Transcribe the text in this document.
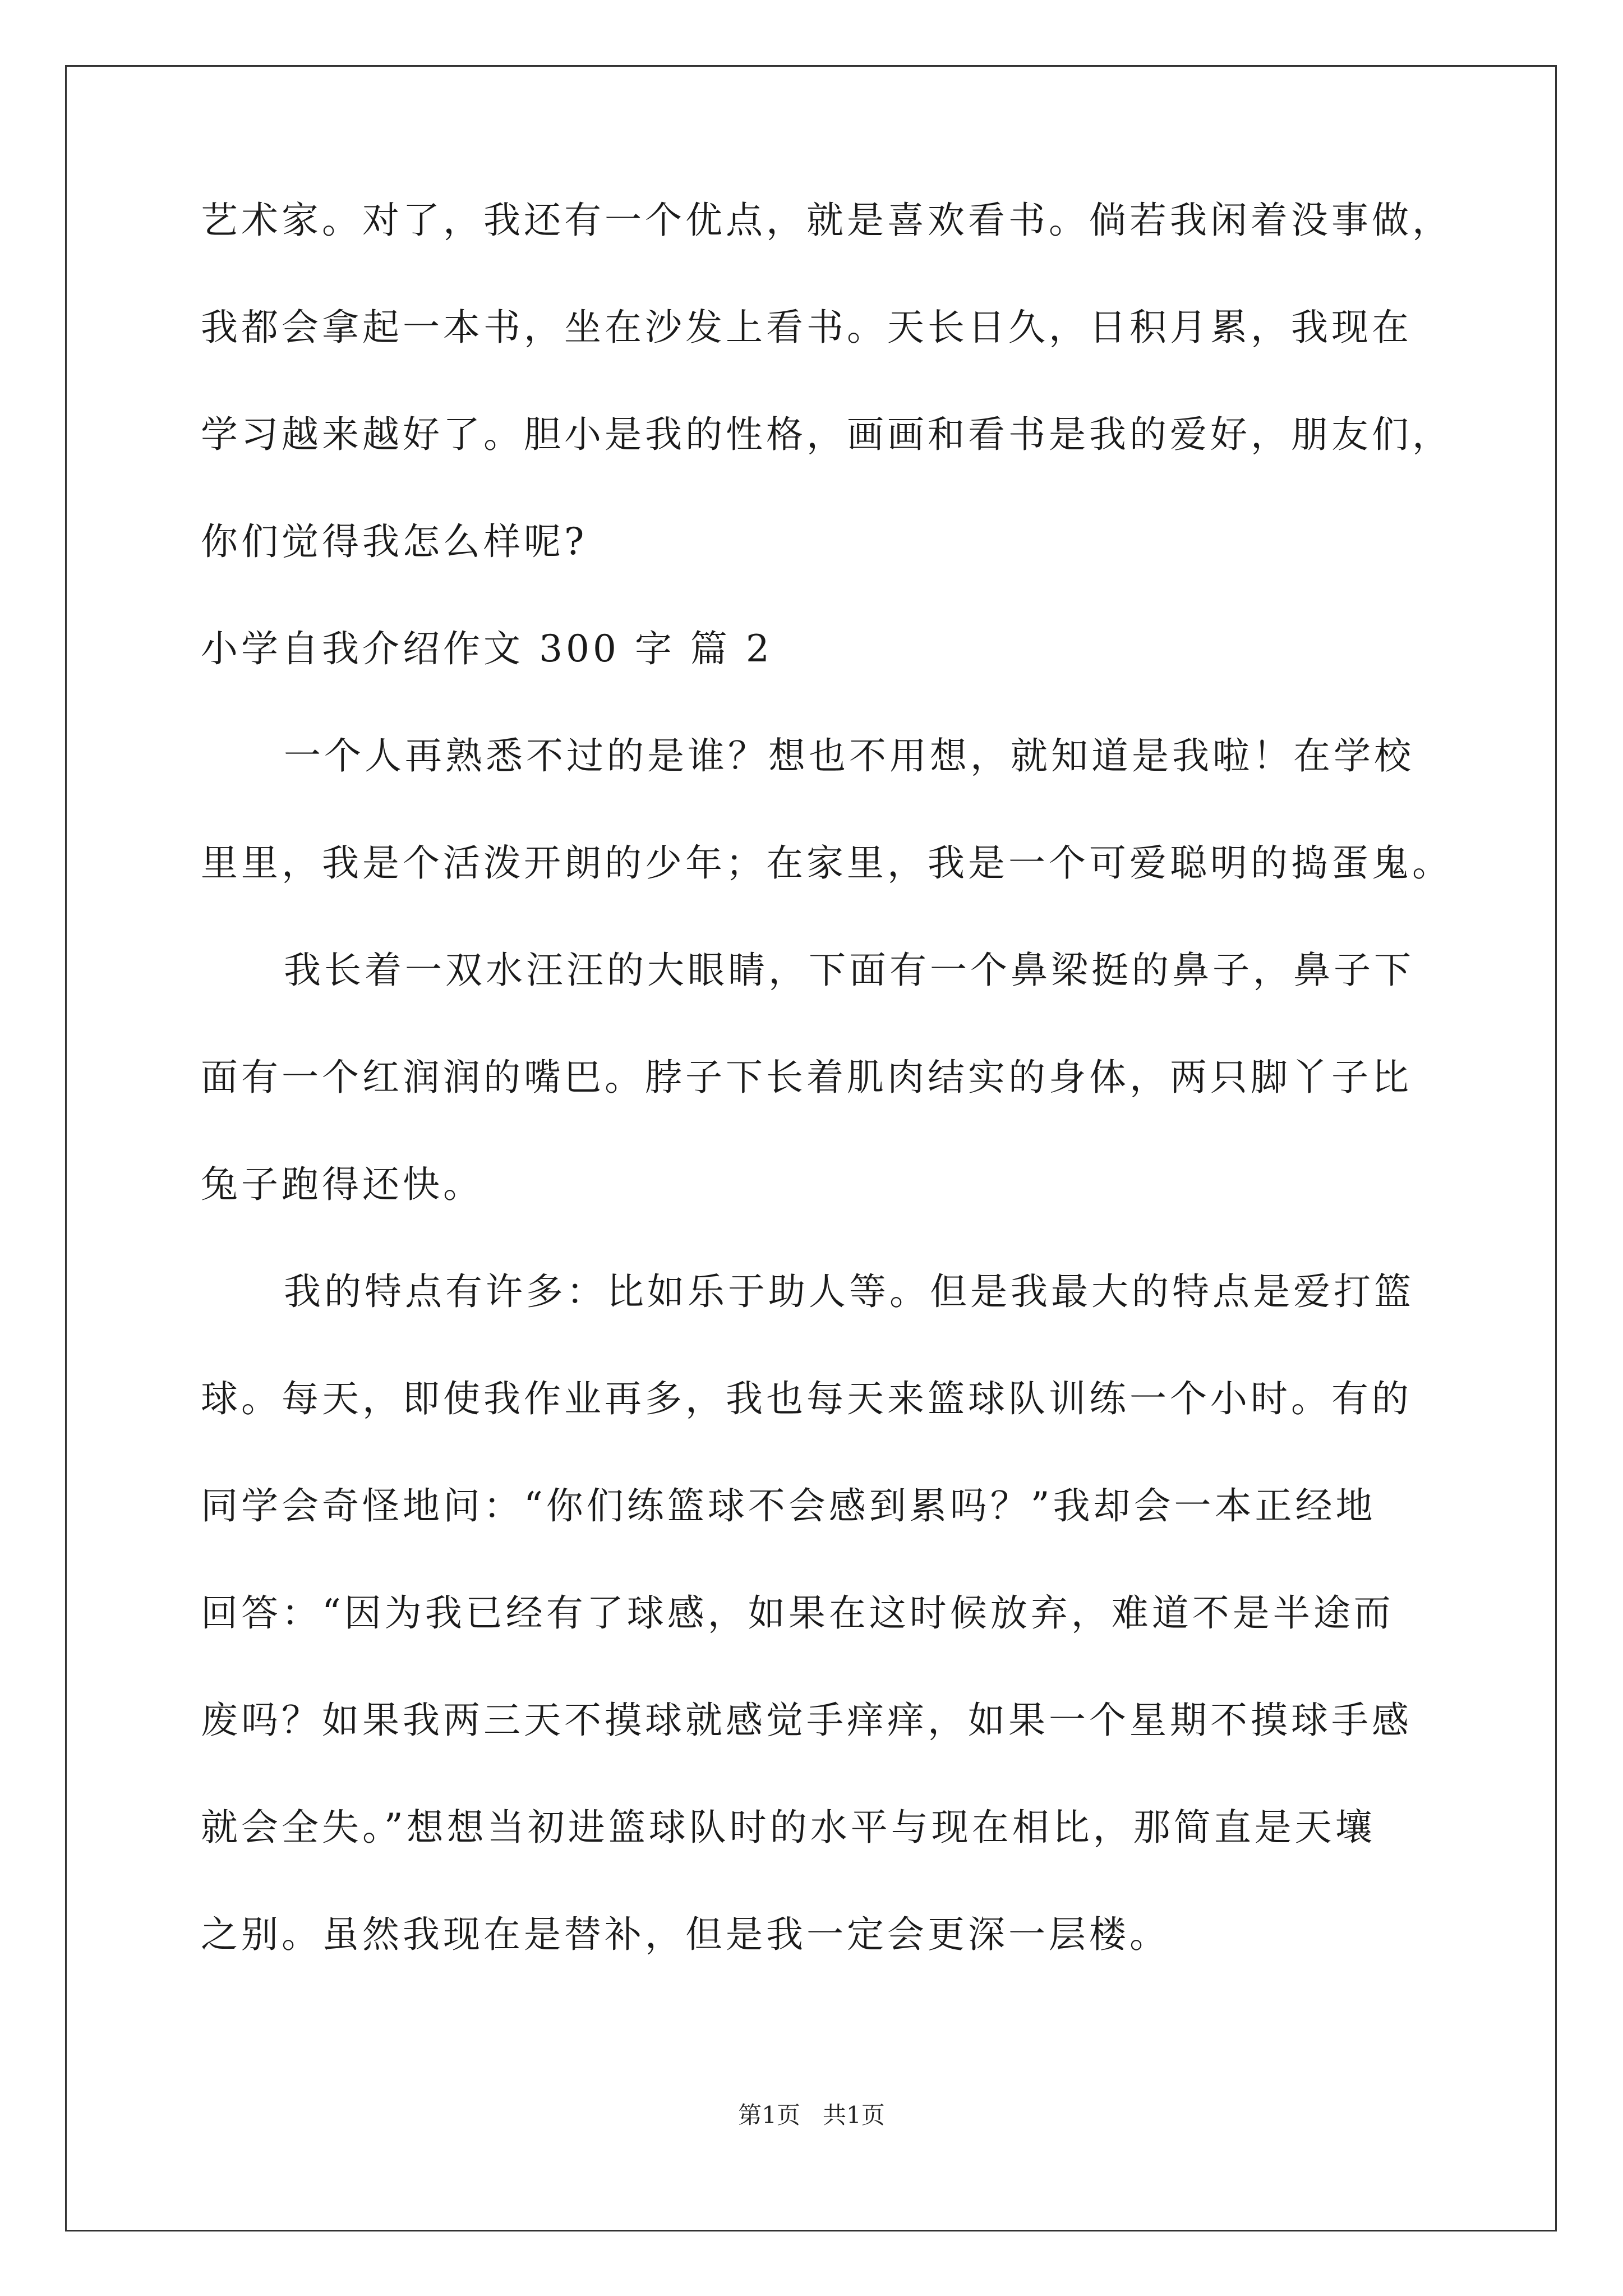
艺术家。对了，我还有一个优点，就是喜欢看书。倘若我闲着没事做，
我都会拿起一本书，坐在沙发上看书。天长日久，日积月累，我现在
学习越来越好了。胆小是我的性格，画画和看书是我的爱好，朋友们，
你们觉得我怎么样呢?
小学自我介绍作文 300 字 篇 2
一个人再熟悉不过的是谁？想也不用想，就知道是我啦！在学校
里里，我是个活泼开朗的少年；在家里，我是一个可爱聪明的捣蛋鬼。
我长着一双水汪汪的大眼睛，下面有一个鼻梁挺的鼻子，鼻子下
面有一个红润润的嘴巴。脖子下长着肌肉结实的身体，两只脚丫子比
兔子跑得还快。
我的特点有许多：比如乐于助人等。但是我最大的特点是爱打篮
球。每天，即使我作业再多，我也每天来篮球队训练一个小时。有的
同学会奇怪地问：“你们练篮球不会感到累吗？”我却会一本正经地
回答：“因为我已经有了球感，如果在这时候放弃，难道不是半途而
废吗？如果我两三天不摸球就感觉手痒痒，如果一个星期不摸球手感
就会全失。”想想当初进篮球队时的水平与现在相比，那简直是天壤
之别。虽然我现在是替补，但是我一定会更深一层楼。
第1页   共1页
